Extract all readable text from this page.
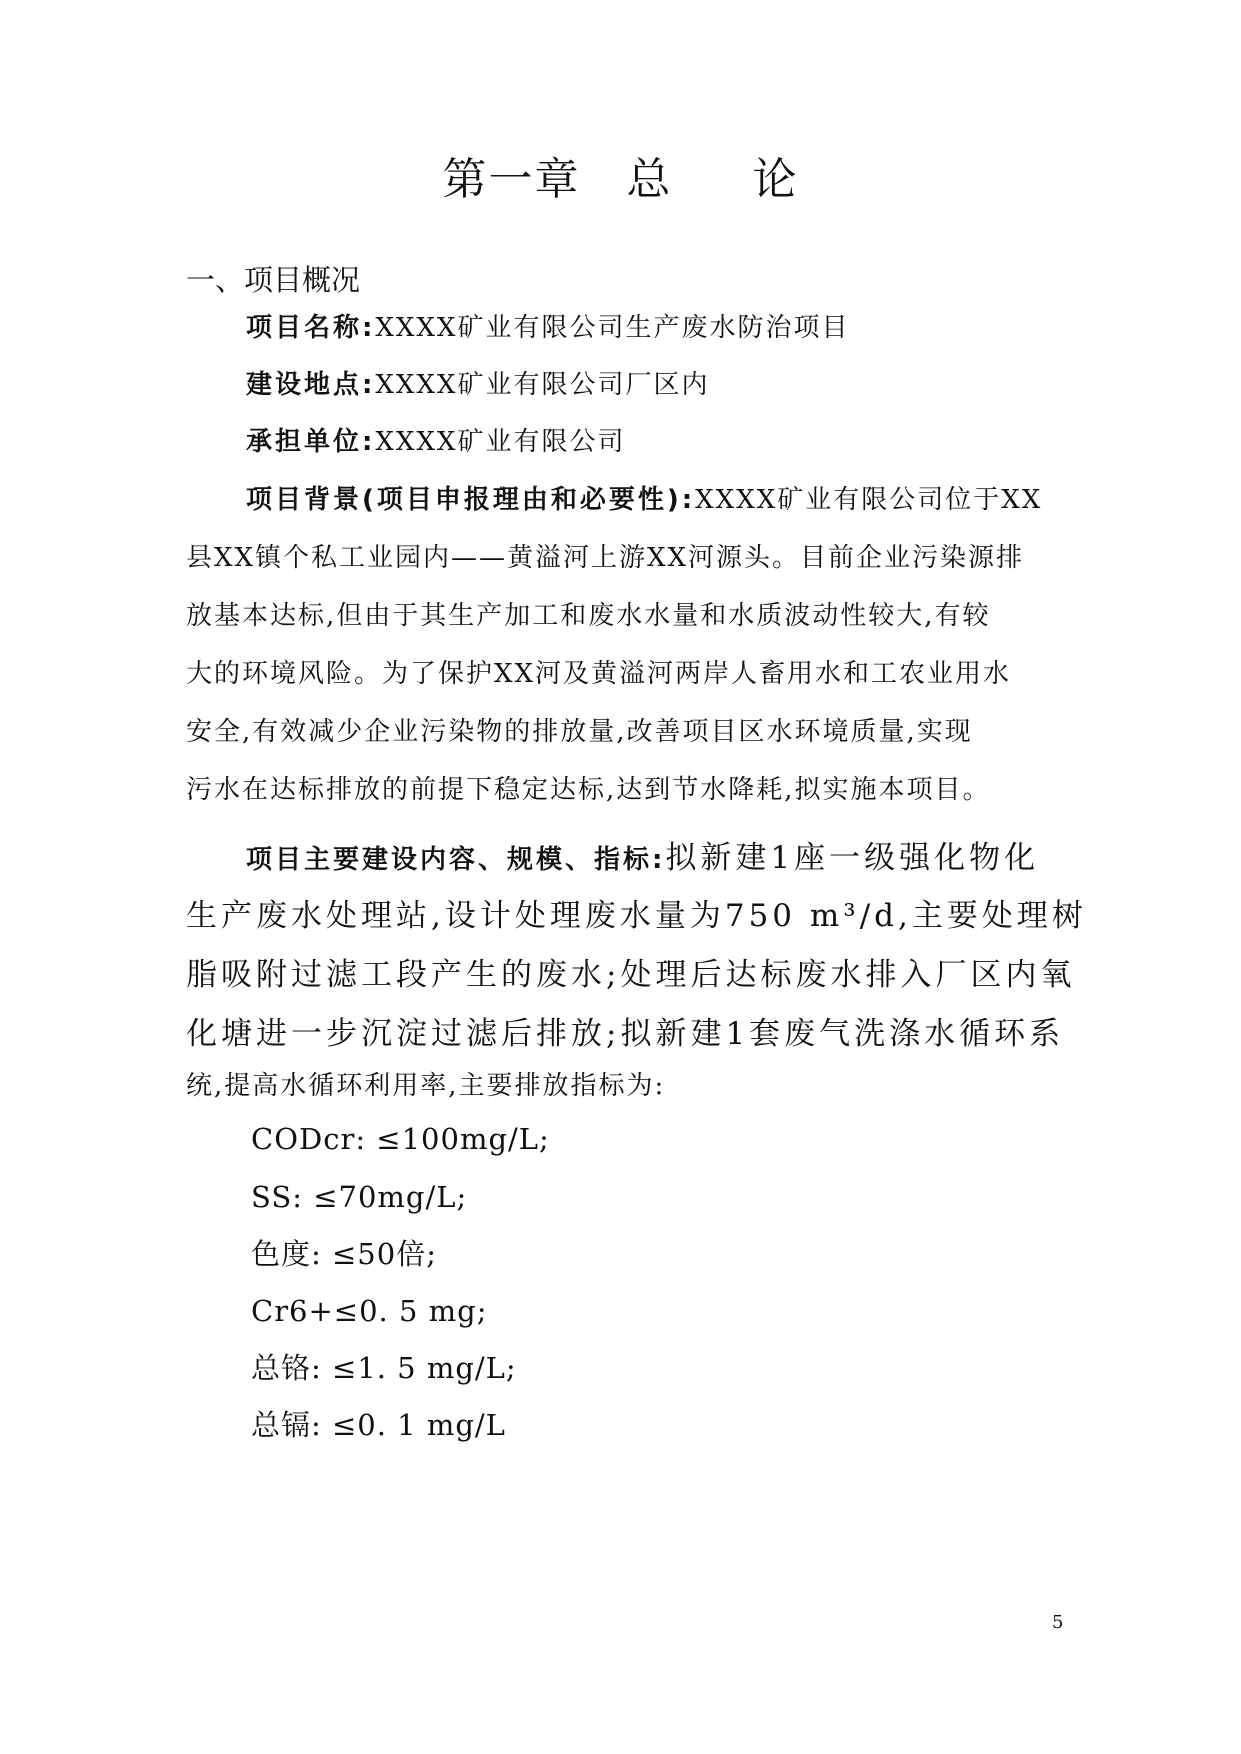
第一章 总 论
一、项目概况
项目名称:XXXX矿业有限公司生产废水防治项目
建设地点:XXXX矿业有限公司厂区内
承担单位:XXXX矿业有限公司
项目背景(项目申报理由和必要性):XXXX矿业有限公司位于XX
县XX镇个私工业园内——黄溢河上游XX河源头。目前企业污染源排
放基本达标,但由于其生产加工和废水水量和水质波动性较大,有较
大的环境风险。为了保护XX河及黄溢河两岸人畜用水和工农业用水
安全,有效减少企业污染物的排放量,改善项目区水环境质量,实现
污水在达标排放的前提下稳定达标,达到节水降耗,拟实施本项目。
项目主要建设内容、规模、指标:拟新建1座一级强化物化
生产废水处理站,设计处理废水量为750 m³/d,主要处理树
脂吸附过滤工段产生的废水;处理后达标废水排入厂区内氧
化塘进一步沉淀过滤后排放;拟新建1套废气洗涤水循环系
统,提高水循环利用率,主要排放指标为:
CODcr: ≤100mg/L;
SS: ≤70mg/L;
色度: ≤50倍;
Cr6+≤0. 5 mg;
总铬: ≤1. 5 mg/L;
总镉: ≤0. 1 mg/L
5
